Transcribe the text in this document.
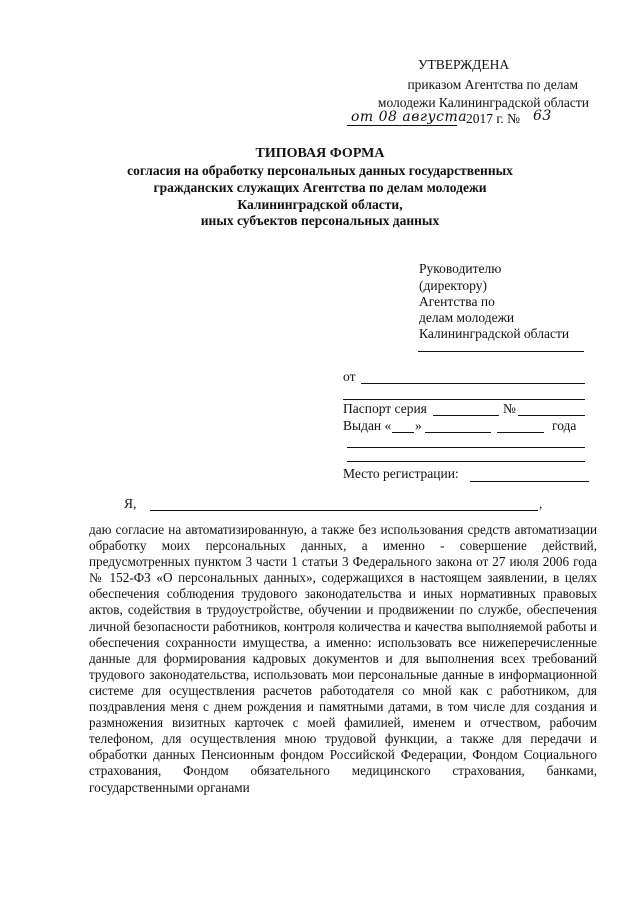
УТВЕРЖДЕНА
приказом Агентства по делам
молодежи Калининградской области
от 08 августа
2017 г. № 63
ТИПОВАЯ ФОРМА
согласия на обработку персональных данных государственных
гражданских служащих Агентства по делам молодежи
Калининградской области,
иных субъектов персональных данных
Руководителю
(директору)
Агентства по
делам молодежи
Калининградской области
от
Паспорт серия	№
Выдан « »	года
Место регистрации:
Я,	,
даю согласие на автоматизированную, а также без использования средств автоматизации обработку моих персональных данных, а именно - совершение действий, предусмотренных пунктом 3 части 1 статьи 3 Федерального закона от 27 июля 2006 года № 152-ФЗ «О персональных данных», содержащихся в настоящем заявлении, в целях обеспечения соблюдения трудового законодательства и иных нормативных правовых актов, содействия в трудоустройстве, обучении и продвижении по службе, обеспечения личной безопасности работников, контроля количества и качества выполняемой работы и обеспечения сохранности имущества, а именно: использовать все нижеперечисленные данные для формирования кадровых документов и для выполнения всех требований трудового законодательства, использовать мои персональные данные в информационной системе для осуществления расчетов работодателя со мной как с работником, для поздравления меня с днем рождения и памятными датами, в том числе для создания и размножения визитных карточек с моей фамилией, именем и отчеством, рабочим телефоном, для осуществления мною трудовой функции, а также для передачи и обработки данных Пенсионным фондом Российской Федерации, Фондом Социального страхования, Фондом обязательного медицинского страхования, банками, государственными органами
